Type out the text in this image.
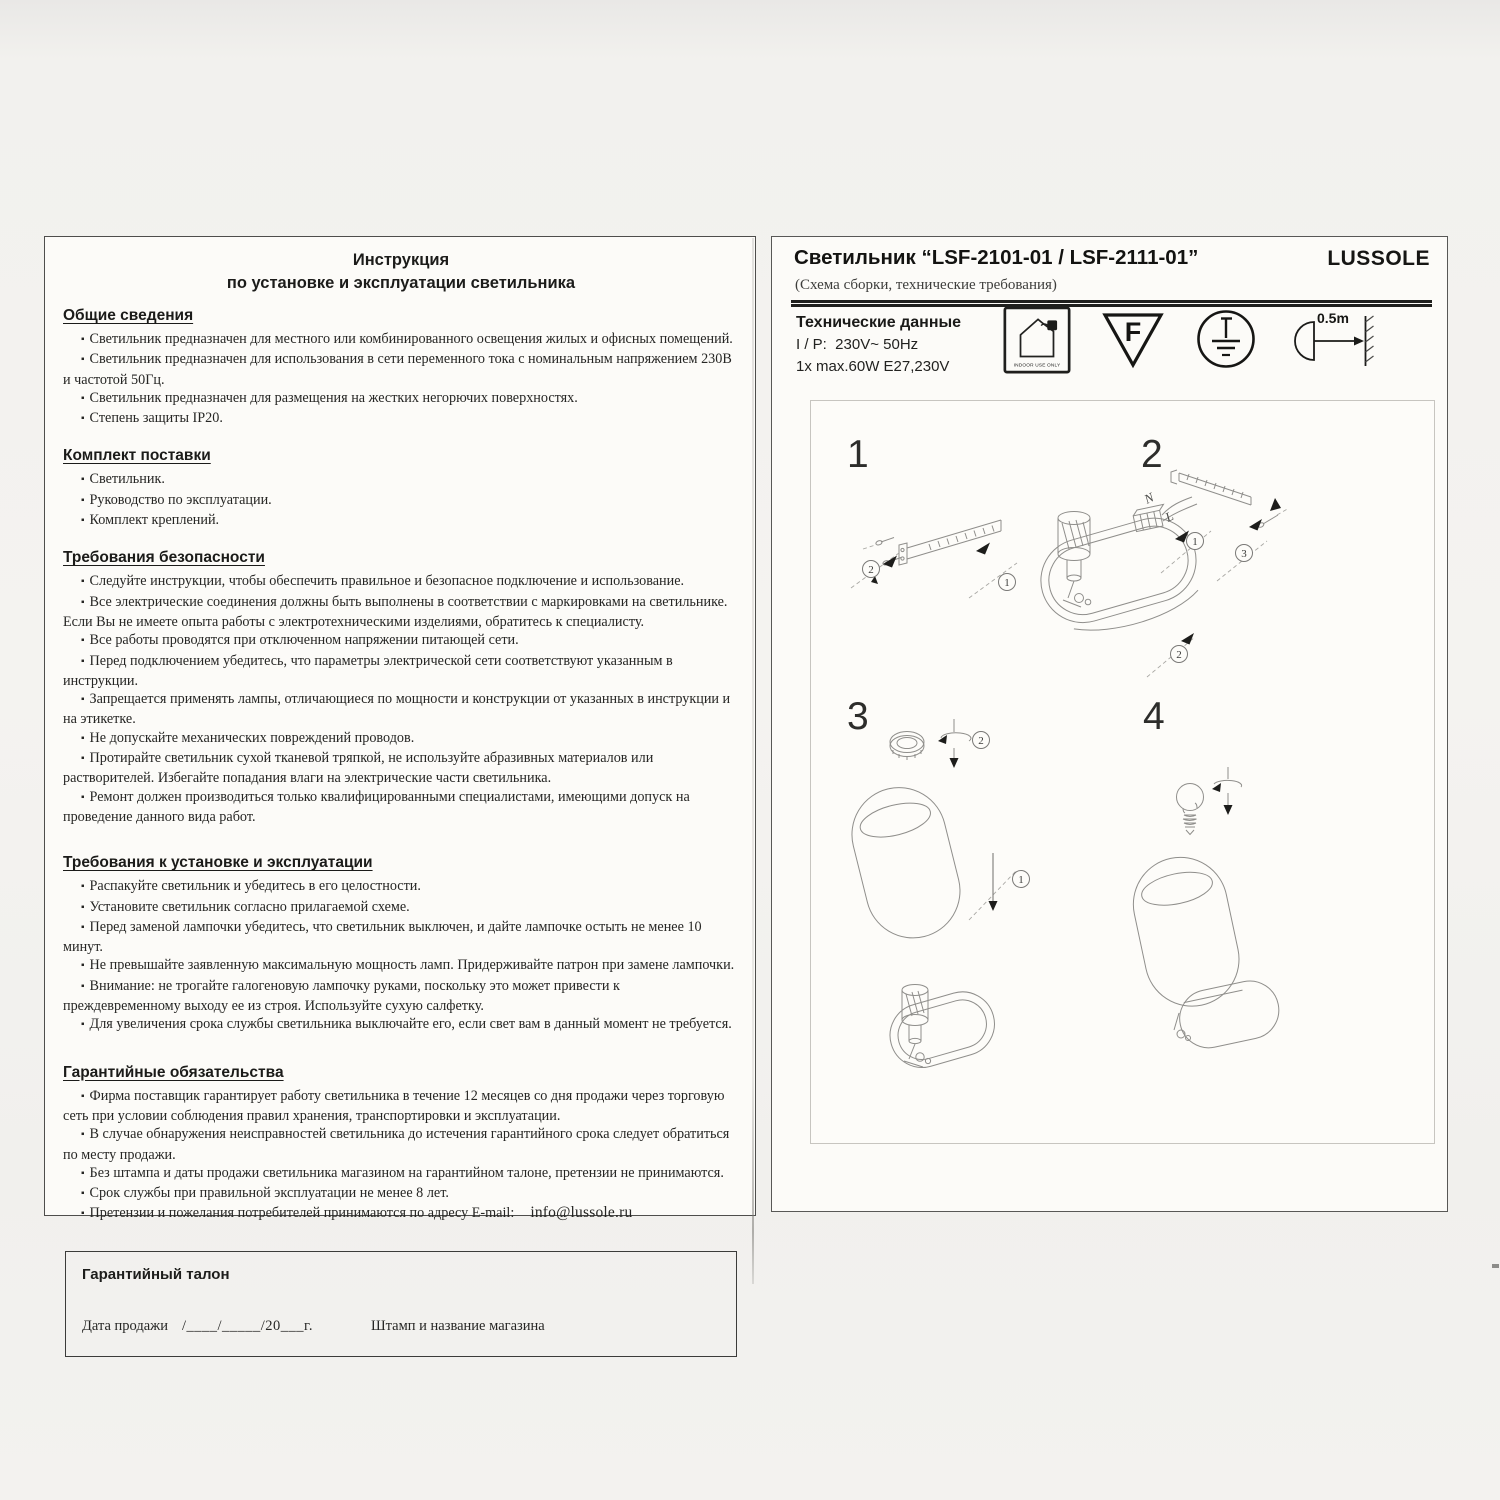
Инструкция
по установке и эксплуатации светильника
Общие сведения

▪ Светильник предназначен для местного или комбинированного освещения жилых и офисных помещений.

▪ Светильник предназначен для использования в сети переменного тока с номинальным напряжением 230В и частотой 50Гц.

▪ Светильник предназначен для размещения на жестких негорючих поверхностях.

▪ Степень защиты IP20.

Комплект поставки

▪ Светильник.

▪ Руководство по эксплуатации.

▪ Комплект креплений.

Требования безопасности

▪ Следуйте инструкции, чтобы обеспечить правильное и безопасное подключение и использование.

▪ Все электрические соединения должны быть выполнены в соответствии с маркировками на светильнике. Если Вы не имеете опыта работы с электротехническими изделиями, обратитесь к специалисту.

▪ Все работы проводятся при отключенном напряжении питающей сети.

▪ Перед подключением убедитесь, что параметры электрической сети соответствуют указанным в инструкции.

▪ Запрещается применять лампы, отличающиеся по мощности и конструкции от указанных в инструкции и на этикетке.

▪ Не допускайте механических повреждений проводов.

▪ Протирайте светильник сухой тканевой тряпкой, не используйте абразивных материалов или растворителей. Избегайте попадания влаги на электрические части светильника.

▪ Ремонт должен производиться только квалифицированными специалистами, имеющими допуск на проведение данного вида работ.

Требования к установке и эксплуатации

▪ Распакуйте светильник и убедитесь в его целостности.

▪ Установите светильник согласно прилагаемой схеме.

▪ Перед заменой лампочки убедитесь, что светильник выключен, и дайте лампочке остыть не менее 10 минут.

▪ Не превышайте заявленную максимальную мощность ламп. Придерживайте патрон при замене лампочки.

▪ Внимание: не трогайте галогеновую лампочку руками, поскольку это может привести к преждевременному выходу ее из строя. Используйте сухую салфетку.

▪ Для увеличения срока службы светильника выключайте его, если свет вам в данный момент не требуется.

Гарантийные обязательства

▪ Фирма поставщик гарантирует работу светильника в течение 12 месяцев со дня продажи через торговую сеть при условии соблюдения правил хранения, транспортировки и эксплуатации.

▪ В случае обнаружения неисправностей светильника до истечения гарантийного срока следует обратиться по месту продажи.

▪ Без штампа и даты продажи светильника магазином на гарантийном талоне, претензии не принимаются.

▪ Срок службы при правильной эксплуатации не менее 8 лет.

▪ Претензии и пожелания потребителей принимаются по адресу E-mail: info@lussole.ru

Гарантийный талон
Дата продажи /____/_____/20___г.	Штамп и название магазина
Светильник “LSF-2101-01 / LSF-2111-01”	LUSSOLE
(Схема сборки, технические требования)
Технические данные
I / P:  230V~ 50Hz
1x max.60W E27,230V	INDOOR USE ONLY
F	0.5m
1	2
3	4
2
1
N
L
1
3
2
2
1
